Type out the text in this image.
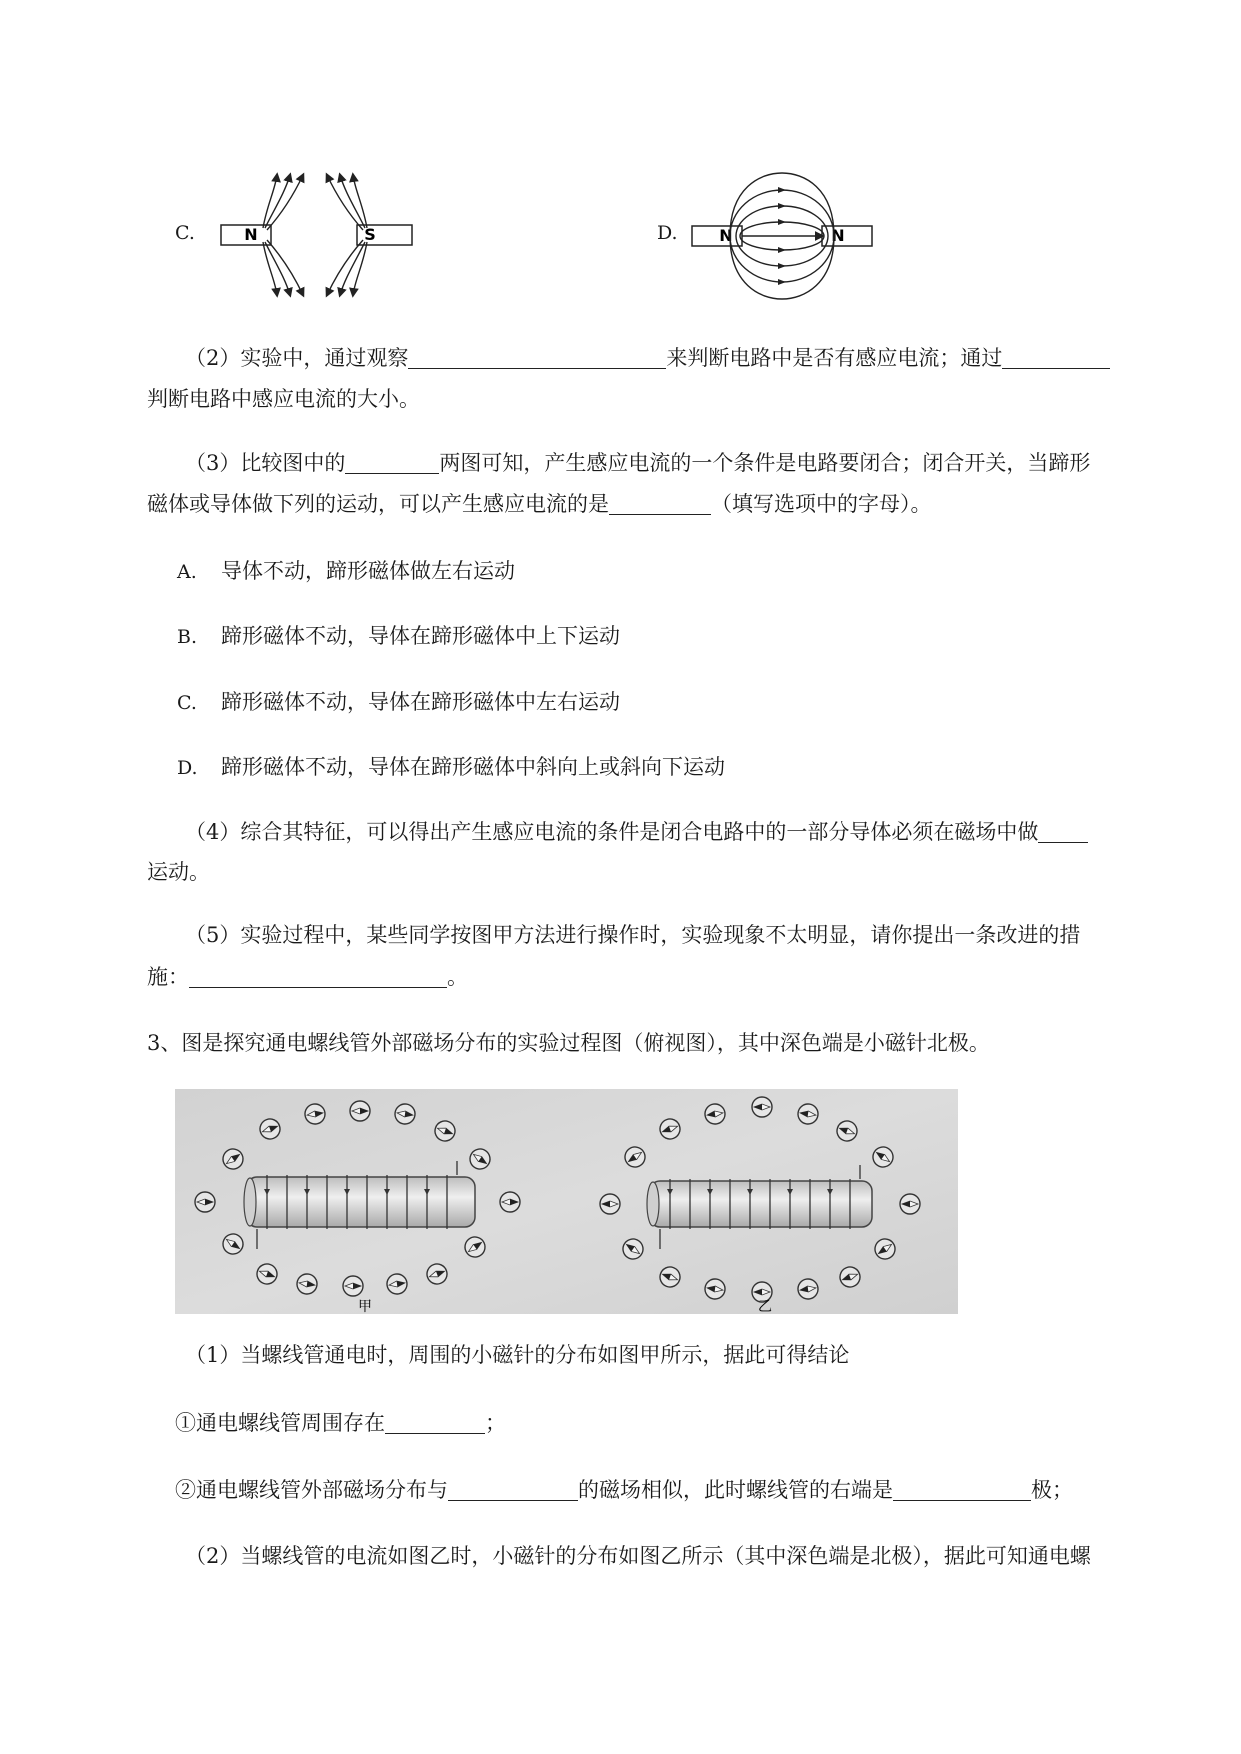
C.	N	S	D.	N	N
（2）实验中，通过观察	来判断电路中是否有感应电流；通过
判断电路中感应电流的大小。
（3）比较图中的	两图可知，产生感应电流的一个条件是电路要闭合；闭合开关，当蹄形
磁体或导体做下列的运动，可以产生感应电流的是	（填写选项中的字母）。
A. 导体不动，蹄形磁体做左右运动
B. 蹄形磁体不动，导体在蹄形磁体中上下运动
C. 蹄形磁体不动，导体在蹄形磁体中左右运动
D. 蹄形磁体不动，导体在蹄形磁体中斜向上或斜向下运动
（4）综合其特征，可以得出产生感应电流的条件是闭合电路中的一部分导体必须在磁场中做
运动。
（5）实验过程中，某些同学按图甲方法进行操作时，实验现象不太明显，请你提出一条改进的措
施：	。
3、图是探究通电螺线管外部磁场分布的实验过程图（俯视图），其中深色端是小磁针北极。
甲	乙
（1）当螺线管通电时，周围的小磁针的分布如图甲所示，据此可得结论
①通电螺线管周围存在	；
②通电螺线管外部磁场分布与	的磁场相似，此时螺线管的右端是	极；
（2）当螺线管的电流如图乙时，小磁针的分布如图乙所示（其中深色端是北极），据此可知通电螺
